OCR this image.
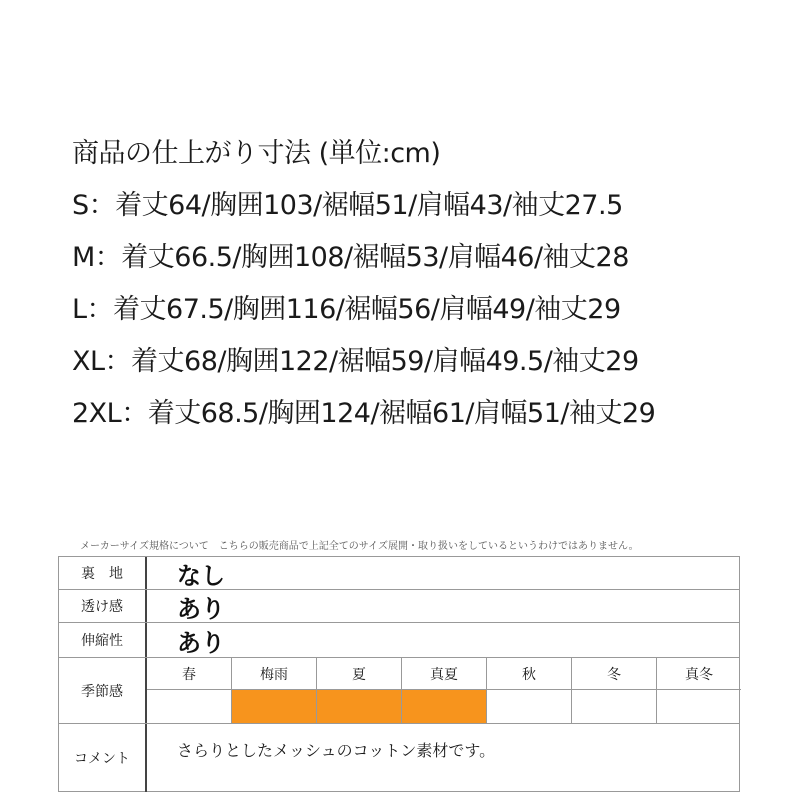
商品の仕上がり寸法 (単位:cm)
S：着丈64/胸囲103/裾幅51/肩幅43/袖丈27.5
M：着丈66.5/胸囲108/裾幅53/肩幅46/袖丈28
L：着丈67.5/胸囲116/裾幅56/肩幅49/袖丈29
XL：着丈68/胸囲122/裾幅59/肩幅49.5/袖丈29
2XL：着丈68.5/胸囲124/裾幅61/肩幅51/袖丈29
メーカーサイズ規格について　こちらの販売商品で上記全てのサイズ展開・取り扱いをしているというわけではありません。
裏　地	なし
透け感	あり
伸縮性	あり
季節感
春	梅雨	夏	真夏	秋	冬	真冬
コメント	さらりとしたメッシュのコットン素材です。
